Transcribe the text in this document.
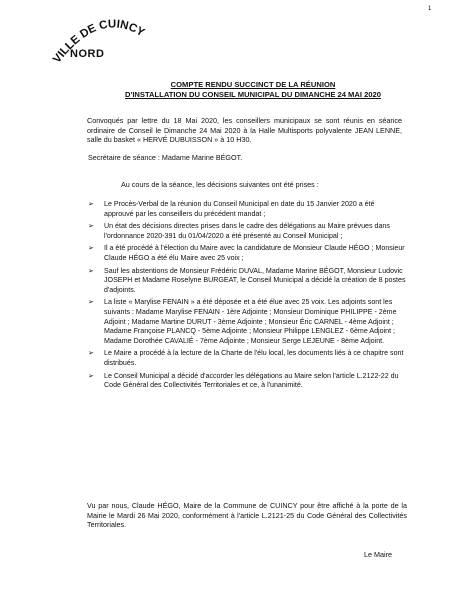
1
VILLE DE CUINCY
NORD
COMPTE RENDU SUCCINCT DE LA RÉUNION
D'INSTALLATION DU CONSEIL MUNICIPAL DU DIMANCHE 24 MAI 2020
Convoqués par lettre du 18 Mai 2020, les conseillers municipaux se sont réunis en séance ordinaire de Conseil le Dimanche 24 Mai 2020 à la Halle Multisports polyvalente JEAN LENNE, salle du basket « HERVÉ DUBUISSON » à 10 H30.
Secrétaire de séance : Madame Marine BÉGOT.
Au cours de la séance, les décisions suivantes ont été prises :
➢	Le Procès-Verbal de la réunion du Conseil Municipal en date du 15 Janvier 2020 a été approuvé par les conseillers du précédent mandat ;
➢	Un état des décisions directes prises dans le cadre des délégations au Maire prévues dans l'ordonnance 2020-391 du 01/04/2020 a été présenté au Conseil Municipal ;
➢	Il a été procédé à l'élection du Maire avec la candidature de Monsieur Claude HÉGO ; Monsieur Claude HÉGO a été élu Maire avec 25 voix ;
➢	Sauf les abstentions de Monsieur Frédéric DUVAL, Madame Marine BÉGOT, Monsieur Ludovic JOSEPH et Madame Roselyne BURGEAT, le Conseil Municipal a décidé la création de 8 postes d'adjoints.
➢	La liste « Marylise FENAIN » a été déposée et a été élue avec 25 voix. Les adjoints sont les suivants : Madame Marylise FENAIN - 1ère Adjointe ; Monsieur Dominique PHILIPPE - 2ème Adjoint ; Madame Martine DURUT - 3ème Adjointe ; Monsieur Éric CARNEL - 4ème Adjoint ; Madame Françoise PLANCQ - 5ème Adjointe ; Monsieur Philippe LENGLEZ - 6ème Adjoint ; Madame Dorothée CAVALIÉ - 7ème Adjointe ; Monsieur Serge LEJEUNE - 8ème Adjoint.
➢	Le Maire a procédé à la lecture de la Charte de l'élu local, les documents liés à ce chapitre sont distribués.
➢	Le Conseil Municipal a décidé d'accorder les délégations au Maire selon l'article L.2122-22 du Code Général des Collectivités Territoriales et ce, à l'unanimité.
Vu par nous, Claude HÉGO, Maire de la Commune de CUINCY pour être affiché à la porte de la Mairie le Mardi 26 Mai 2020, conformément à l'article L.2121-25 du Code Général des Collectivités Territoriales.
Le Maire
